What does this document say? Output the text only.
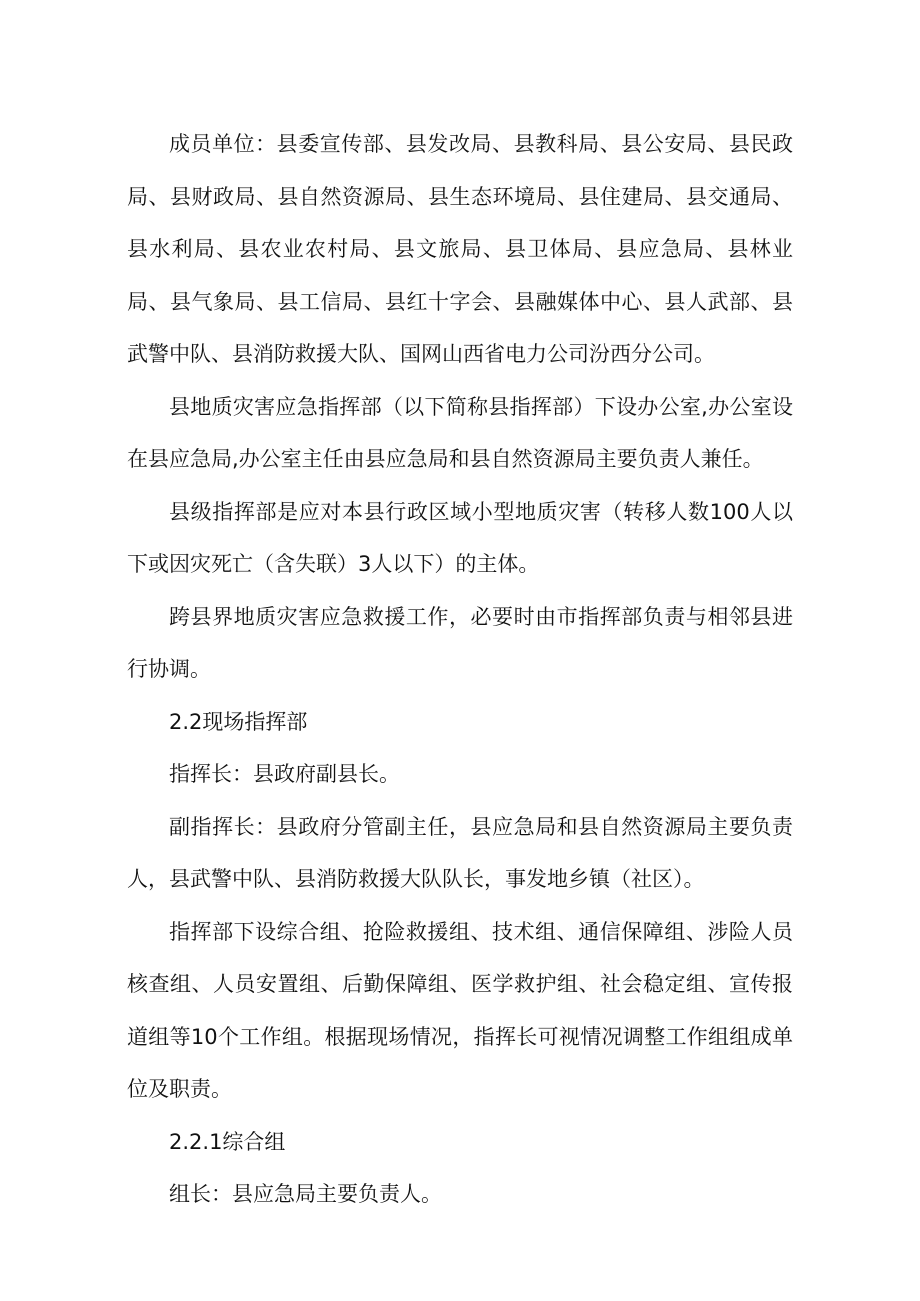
成员单位：县委宣传部、县发改局、县教科局、县公安局、县民政局、县财政局、县自然资源局、县生态环境局、县住建局、县交通局、县水利局、县农业农村局、县文旅局、县卫体局、县应急局、县林业局、县气象局、县工信局、县红十字会、县融媒体中心、县人武部、县武警中队、县消防救援大队、国网山西省电力公司汾西分公司。

县地质灾害应急指挥部（以下简称县指挥部）下设办公室,办公室设在县应急局,办公室主任由县应急局和县自然资源局主要负责人兼任。

县级指挥部是应对本县行政区域小型地质灾害（转移人数100人以下或因灾死亡（含失联）3人以下）的主体。

跨县界地质灾害应急救援工作，必要时由市指挥部负责与相邻县进行协调。

2.2现场指挥部

指挥长：县政府副县长。

副指挥长：县政府分管副主任，县应急局和县自然资源局主要负责人，县武警中队、县消防救援大队队长，事发地乡镇（社区）。

指挥部下设综合组、抢险救援组、技术组、通信保障组、涉险人员核查组、人员安置组、后勤保障组、医学救护组、社会稳定组、宣传报道组等10个工作组。根据现场情况，指挥长可视情况调整工作组组成单位及职责。

2.2.1综合组

组长：县应急局主要负责人。
